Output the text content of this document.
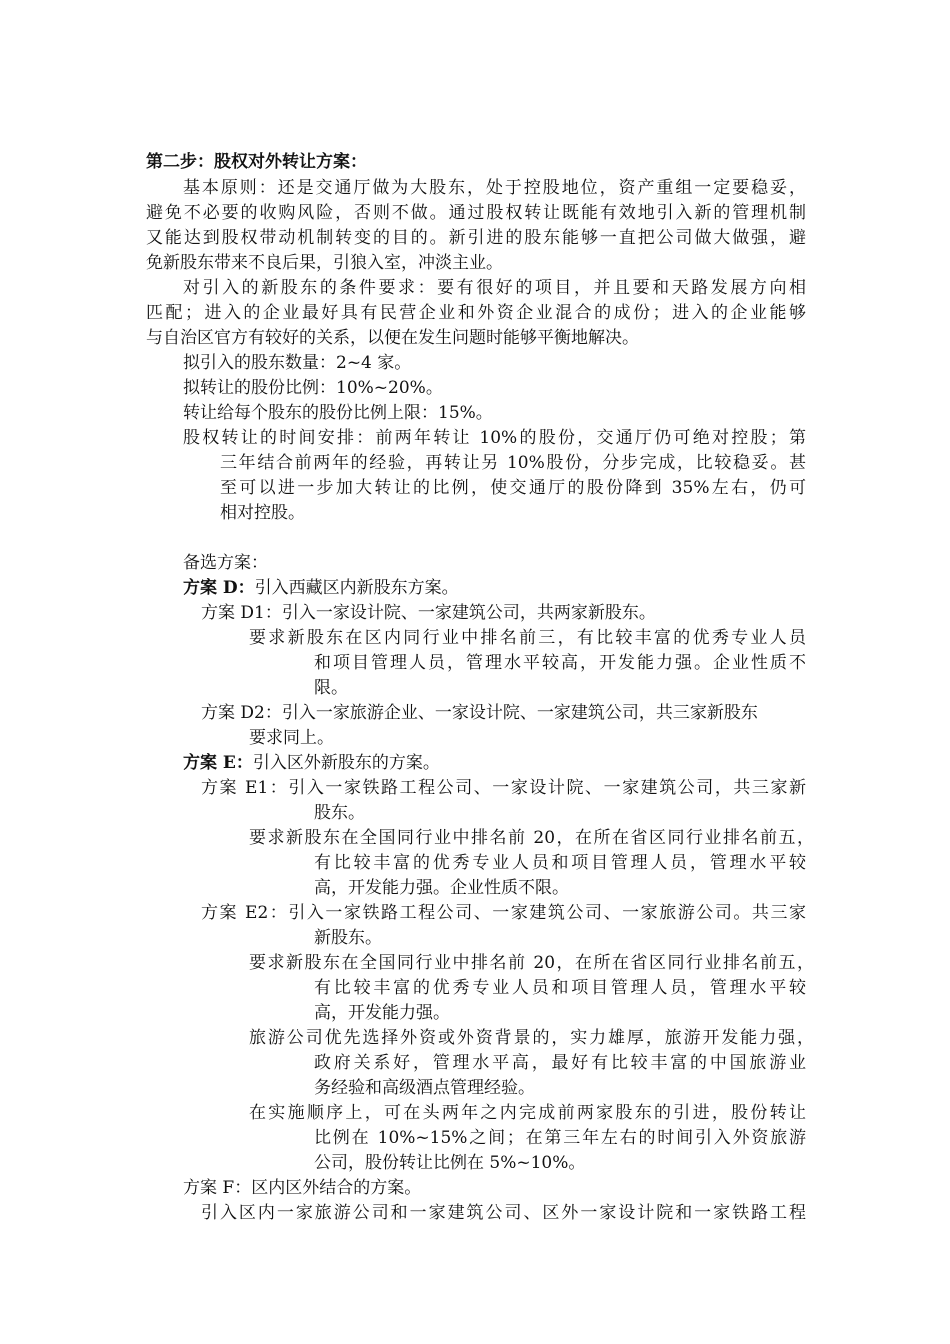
第二步：股权对外转让方案：
基本原则：还是交通厅做为大股东，处于控股地位，资产重组一定要稳妥，
避免不必要的收购风险，否则不做。通过股权转让既能有效地引入新的管理机制
又能达到股权带动机制转变的目的。新引进的股东能够一直把公司做大做强，避
免新股东带来不良后果，引狼入室，冲淡主业。
对引入的新股东的条件要求：要有很好的项目，并且要和天路发展方向相
匹配；进入的企业最好具有民营企业和外资企业混合的成份；进入的企业能够
与自治区官方有较好的关系，以便在发生问题时能够平衡地解决。
拟引入的股东数量：2~4 家。
拟转让的股份比例：10%~20%。
转让给每个股东的股份比例上限：15%。
股权转让的时间安排：前两年转让 10%的股份，交通厅仍可绝对控股；第
三年结合前两年的经验，再转让另 10%股份，分步完成，比较稳妥。甚
至可以进一步加大转让的比例，使交通厅的股份降到 35%左右，仍可
相对控股。
备选方案：
方案 D：引入西藏区内新股东方案。
方案 D1：引入一家设计院、一家建筑公司，共两家新股东。
要求新股东在区内同行业中排名前三，有比较丰富的优秀专业人员
和项目管理人员，管理水平较高，开发能力强。企业性质不
限。
方案 D2：引入一家旅游企业、一家设计院、一家建筑公司，共三家新股东
要求同上。
方案 E：引入区外新股东的方案。
方案 E1：引入一家铁路工程公司、一家设计院、一家建筑公司，共三家新
股东。
要求新股东在全国同行业中排名前 20，在所在省区同行业排名前五，
有比较丰富的优秀专业人员和项目管理人员，管理水平较
高，开发能力强。企业性质不限。
方案 E2：引入一家铁路工程公司、一家建筑公司、一家旅游公司。共三家
新股东。
要求新股东在全国同行业中排名前 20，在所在省区同行业排名前五，
有比较丰富的优秀专业人员和项目管理人员，管理水平较
高，开发能力强。
旅游公司优先选择外资或外资背景的，实力雄厚，旅游开发能力强，
政府关系好，管理水平高，最好有比较丰富的中国旅游业
务经验和高级酒点管理经验。
在实施顺序上，可在头两年之内完成前两家股东的引进，股份转让
比例在 10%~15%之间；在第三年左右的时间引入外资旅游
公司，股份转让比例在 5%~10%。
方案 F：区内区外结合的方案。
引入区内一家旅游公司和一家建筑公司、区外一家设计院和一家铁路工程
